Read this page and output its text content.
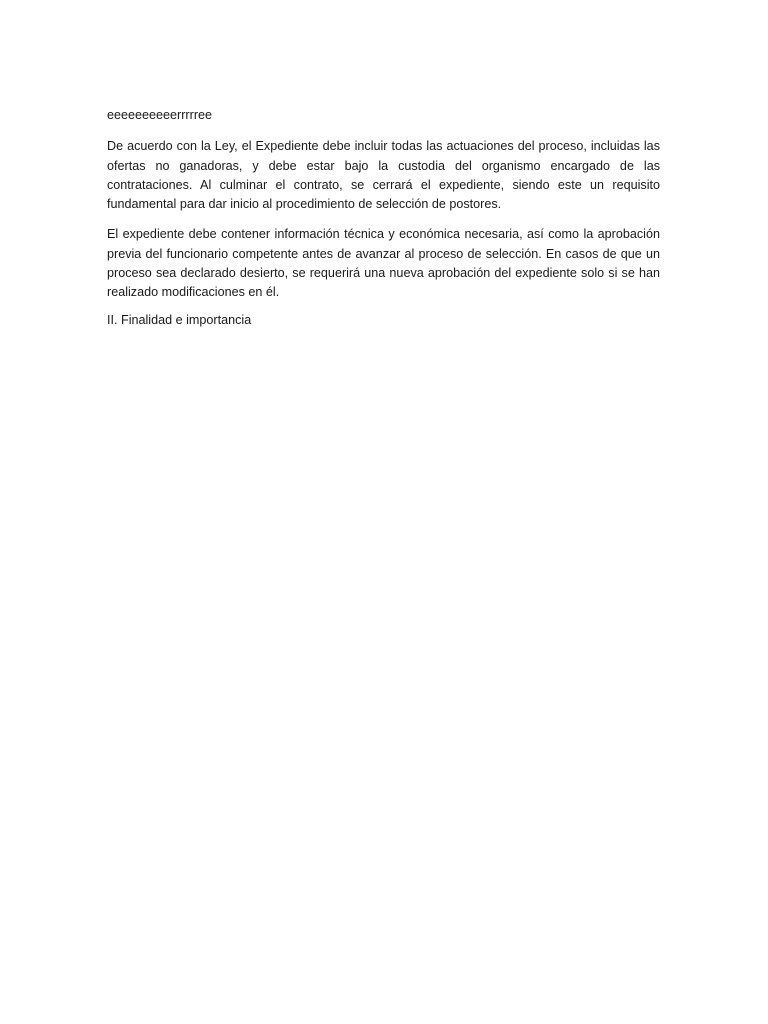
eeeeeeeeeerrrrree

De acuerdo con la Ley, el Expediente debe incluir todas las actuaciones del proceso, incluidas las ofertas no ganadoras, y debe estar bajo la custodia del organismo encargado de las contrataciones. Al culminar el contrato, se cerrará el expediente, siendo este un requisito fundamental para dar inicio al procedimiento de selección de postores.

El expediente debe contener información técnica y económica necesaria, así como la aprobación previa del funcionario competente antes de avanzar al proceso de selección. En casos de que un proceso sea declarado desierto, se requerirá una nueva aprobación del expediente solo si se han realizado modificaciones en él.

II. Finalidad e importancia
